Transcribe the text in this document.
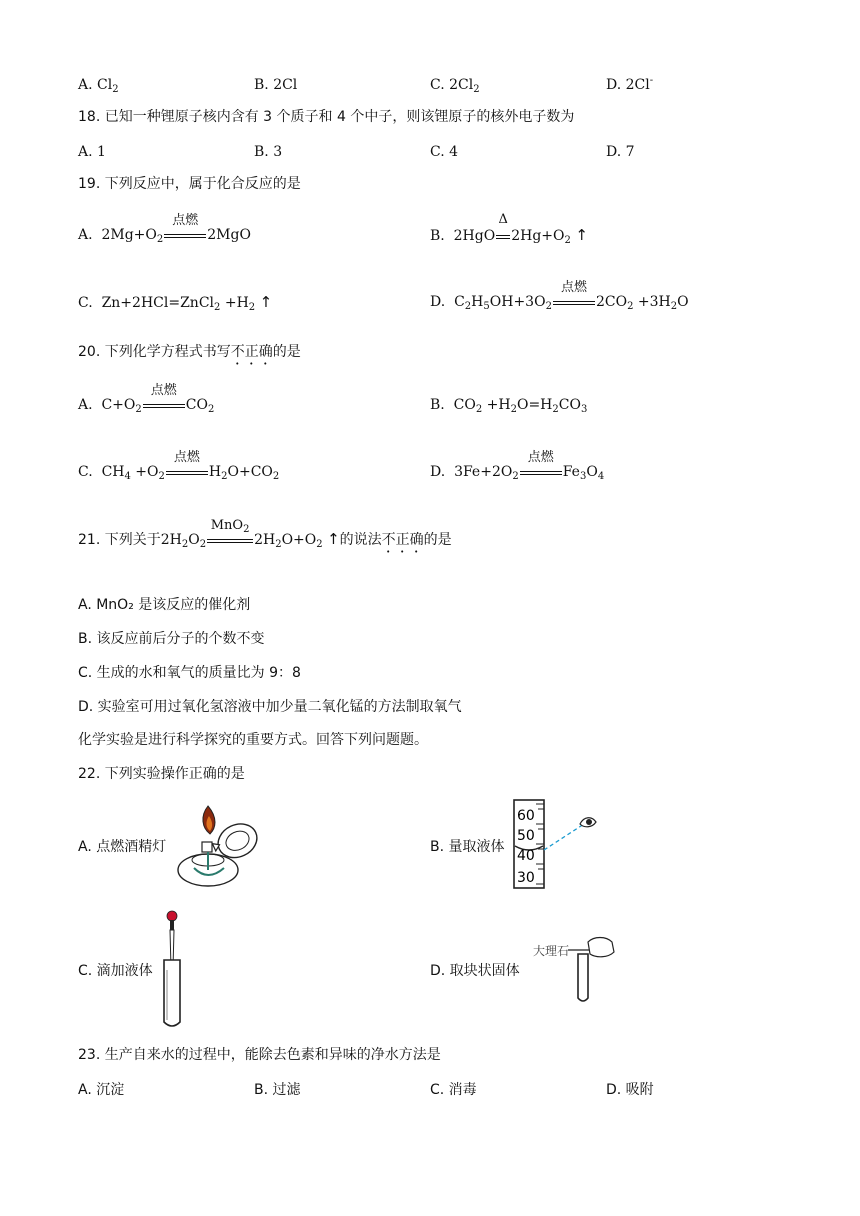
A. $Cl_2$	B. 2Cl	C. $2Cl_2$	D. 2Cl-
18. 已知一种锂原子核内含有 3 个质子和 4 个中子，则该锂原子的核外电子数为
A. 1	B. 3	C. 4	D. 7
19. 下列反应中，属于化合反应的是
A.  $2Mg+O_2$
点燃
2MgO	B.  2HgO
Δ
$2Hg+O_2$ ↑
C.  Zn+2HCl=ZnCl$_2$ $+H_2$ ↑	D.  $C_2H_5OH+3O_2$
点燃
$2CO_2 +3H_2O$
20. 下列化学方程式书写不正确的是
A.  $C+O_2$
点燃
$CO_2$	B.  $CO_2 +H_2O=H_2CO_3$
C.  $CH_4 +O_2$
点燃
$H_2O+CO_2$	D.  $3Fe+2O_2$
点燃
$Fe_3O_4$
21. 下列关于$2H_2O_2$
MnO$_2$
$2H_2O+O_2$ ↑的说法不正确的是
A. MnO₂ 是该反应的催化剂
B. 该反应前后分子的个数不变
C. 生成的水和氧气的质量比为 9：8
D. 实验室可用过氧化氢溶液中加少量二氧化锰的方法制取氧气
化学实验是进行科学探究的重要方式。回答下列问题题。
22. 下列实验操作正确的是
A. 点燃酒精灯	B. 量取液体
60
50
40
30
C. 滴加液体	D. 取块状固体
大理石
23. 生产自来水的过程中，能除去色素和异味的净水方法是
A. 沉淀	B. 过滤	C. 消毒	D. 吸附
